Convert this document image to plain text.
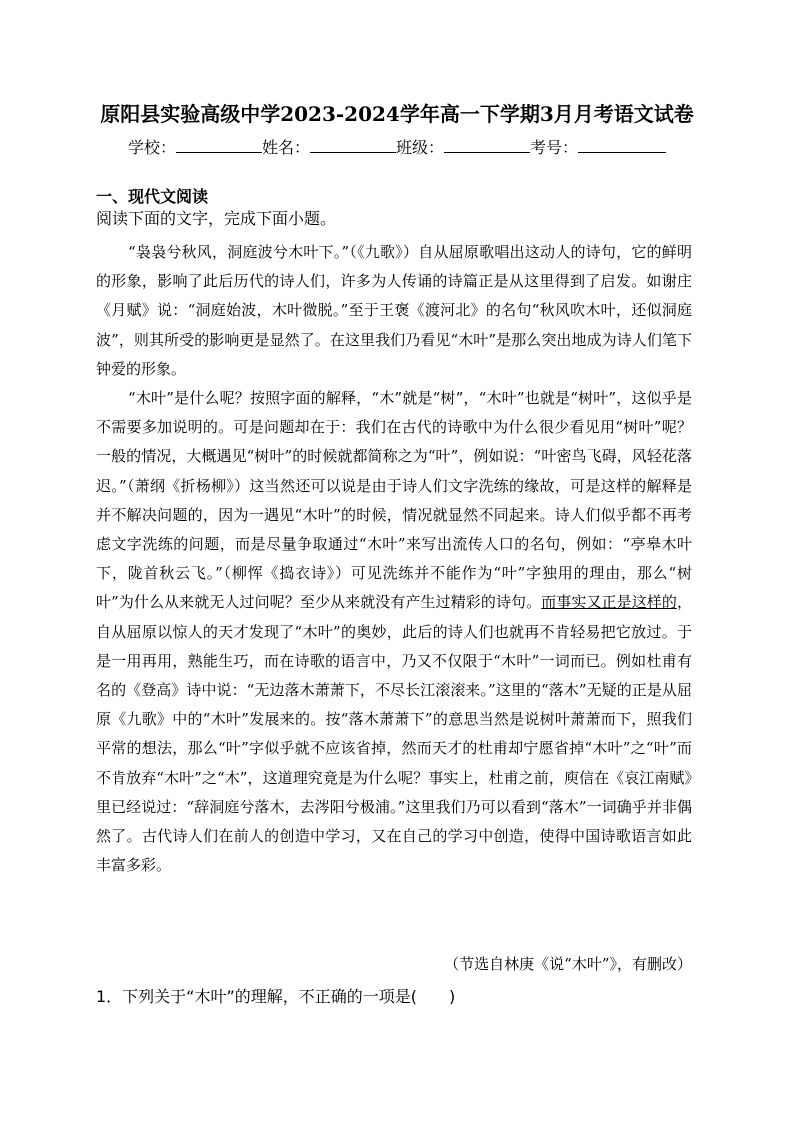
原阳县实验高级中学2023-2024学年高一下学期3月月考语文试卷
学校：	姓名：	班级：	考号：
一、现代文阅读
阅读下面的文字，完成下面小题。

“袅袅兮秋风，洞庭波兮木叶下。”（《九歌》）自从屈原歌唱出这动人的诗句，它的鲜明的形象，影响了此后历代的诗人们，许多为人传诵的诗篇正是从这里得到了启发。如谢庄《月赋》说：“洞庭始波，木叶微脱。”至于王褒《渡河北》的名句“秋风吹木叶，还似洞庭波”，则其所受的影响更是显然了。在这里我们乃看见“木叶”是那么突出地成为诗人们笔下钟爱的形象。

“木叶”是什么呢？按照字面的解释，“木”就是“树”，“木叶”也就是“树叶”，这似乎是不需要多加说明的。可是问题却在于：我们在古代的诗歌中为什么很少看见用“树叶”呢？一般的情况，大概遇见“树叶”的时候就都简称之为“叶”，例如说：“叶密鸟飞碍，风轻花落迟。”（萧纲《折杨柳》）这当然还可以说是由于诗人们文字洗练的缘故，可是这样的解释是并不解决问题的，因为一遇见“木叶”的时候，情况就显然不同起来。诗人们似乎都不再考虑文字洗练的问题，而是尽量争取通过“木叶”来写出流传人口的名句，例如：“亭皋木叶下，陇首秋云飞。”（柳恽《捣衣诗》）可见洗练并不能作为“叶”字独用的理由，那么“树叶”为什么从来就无人过问呢？至少从来就没有产生过精彩的诗句。而事实又正是这样的，自从屈原以惊人的天才发现了“木叶”的奥妙，此后的诗人们也就再不肯轻易把它放过。于是一用再用，熟能生巧，而在诗歌的语言中，乃又不仅限于“木叶”一词而已。例如杜甫有名的《登高》诗中说：“无边落木萧萧下，不尽长江滚滚来。”这里的“落木”无疑的正是从屈原《九歌》中的“木叶”发展来的。按“落木萧萧下”的意思当然是说树叶萧萧而下，照我们平常的想法，那么“叶”字似乎就不应该省掉，然而天才的杜甫却宁愿省掉“木叶”之“叶”而不肯放弃“木叶”之“木”，这道理究竟是为什么呢？事实上，杜甫之前，庾信在《哀江南赋》里已经说过：“辞洞庭兮落木，去涔阳兮极浦。”这里我们乃可以看到“落木”一词确乎并非偶然了。古代诗人们在前人的创造中学习，又在自己的学习中创造，使得中国诗歌语言如此丰富多彩。

（节选自林庚《说“木叶”》，有删改）
1．下列关于“木叶”的理解，不正确的一项是(　　)
